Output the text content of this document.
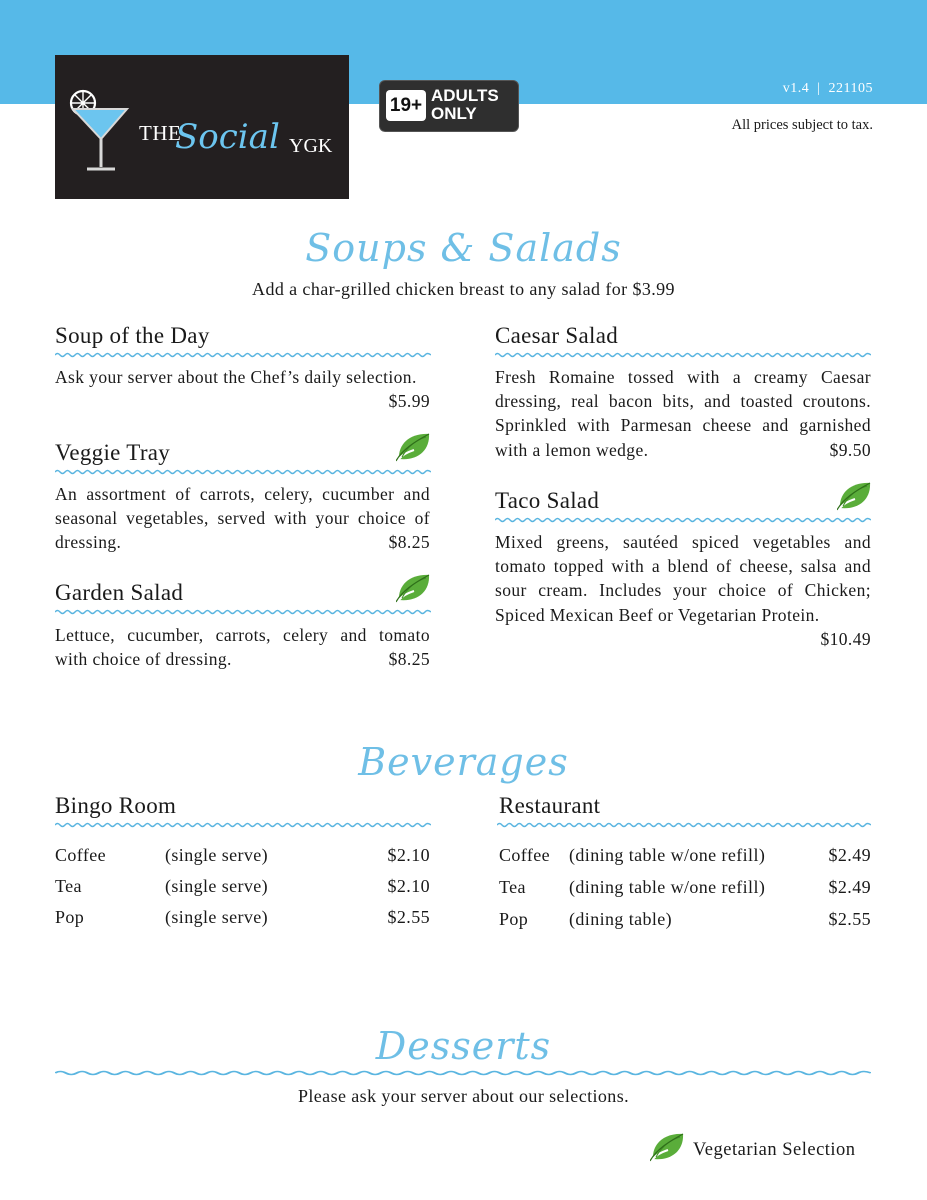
THE
Social YGK
19+ ADULTS
ONLY
v1.4  |  221105
All prices subject to tax.
Soups & Salads
Add a char-grilled chicken breast to any salad for $3.99
Soup of the Day
Ask your server about the Chef’s daily selection.
$5.99
Veggie Tray
An assortment of carrots, celery, cucumber and seasonal vegetables, served with your choice of dressing.	$8.25
Garden Salad
Lettuce, cucumber, carrots, celery and tomato with choice of dressing.	$8.25
Caesar Salad
Fresh Romaine tossed with a creamy Caesar dressing, real bacon bits, and toasted croutons. Sprinkled with Parmesan cheese and garnished with a lemon wedge.	$9.50
Taco Salad
Mixed greens, sautéed spiced vegetables and tomato topped with a blend of cheese, salsa and sour cream. Includes your choice of Chicken; Spiced Mexican Beef or Vegetarian Protein.
$10.49
Beverages
Bingo Room
Coffee	(single serve)	$2.10
Tea	(single serve)	$2.10
Pop	(single serve)	$2.55
Restaurant
Coffee (dining table w/one refill)	$2.49
Tea (dining table w/one refill)	$2.49
Pop (dining table)	$2.55
Desserts
Please ask your server about our selections.
Vegetarian Selection
